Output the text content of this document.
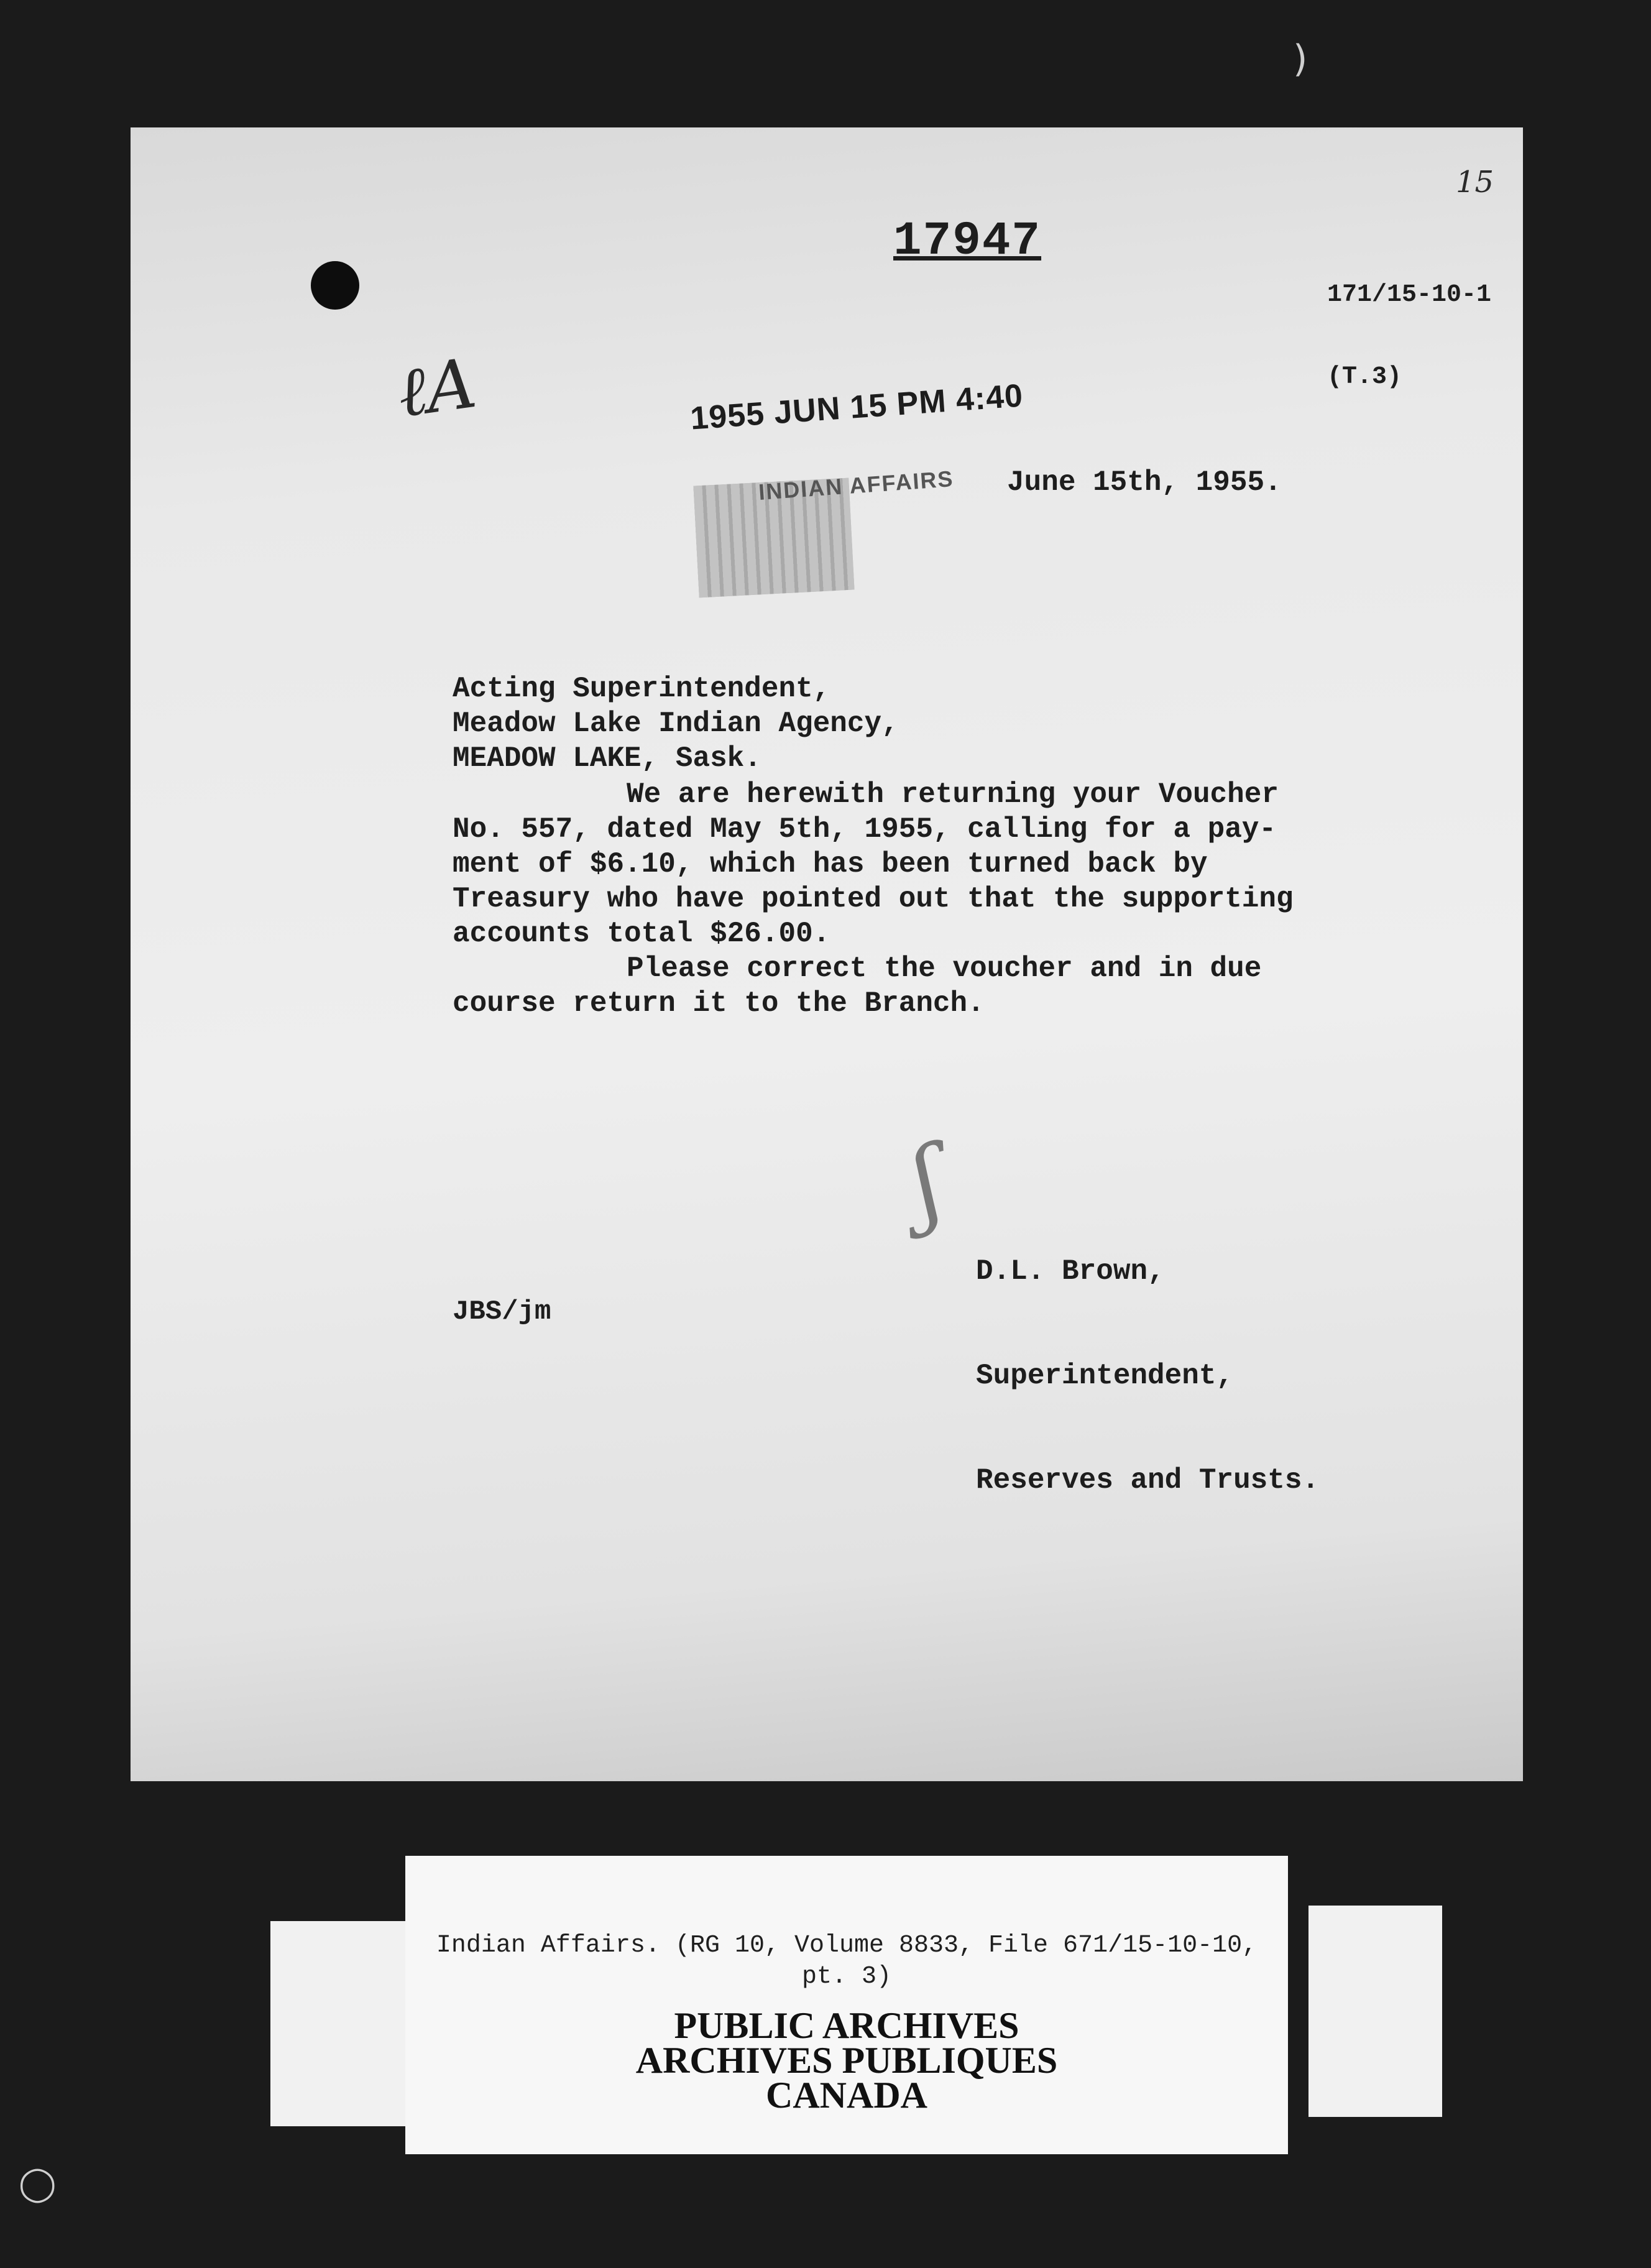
)
◯
15
17947

171/15-10-1

(T.3)

ℓA	1955 JUN 15 PM 4:40
INDIAN AFFAIRS June 15th, 1955.
Acting Superintendent,
Meadow Lake Indian Agency,
MEADOW LAKE, Sask.
We are herewith returning your Voucher
No. 557, dated May 5th, 1955, calling for a pay-
ment of $6.10, which has been turned back by
Treasury who have pointed out that the supporting
accounts total $26.00.
Please correct the voucher and in due
course return it to the Branch.
ʃ

D.L. Brown,

Superintendent,

Reserves and Trusts.

JBS/jm
Indian Affairs. (RG 10, Volume 8833, File 671/15-10-10,
pt. 3)
PUBLIC ARCHIVES
ARCHIVES PUBLIQUES
CANADA
